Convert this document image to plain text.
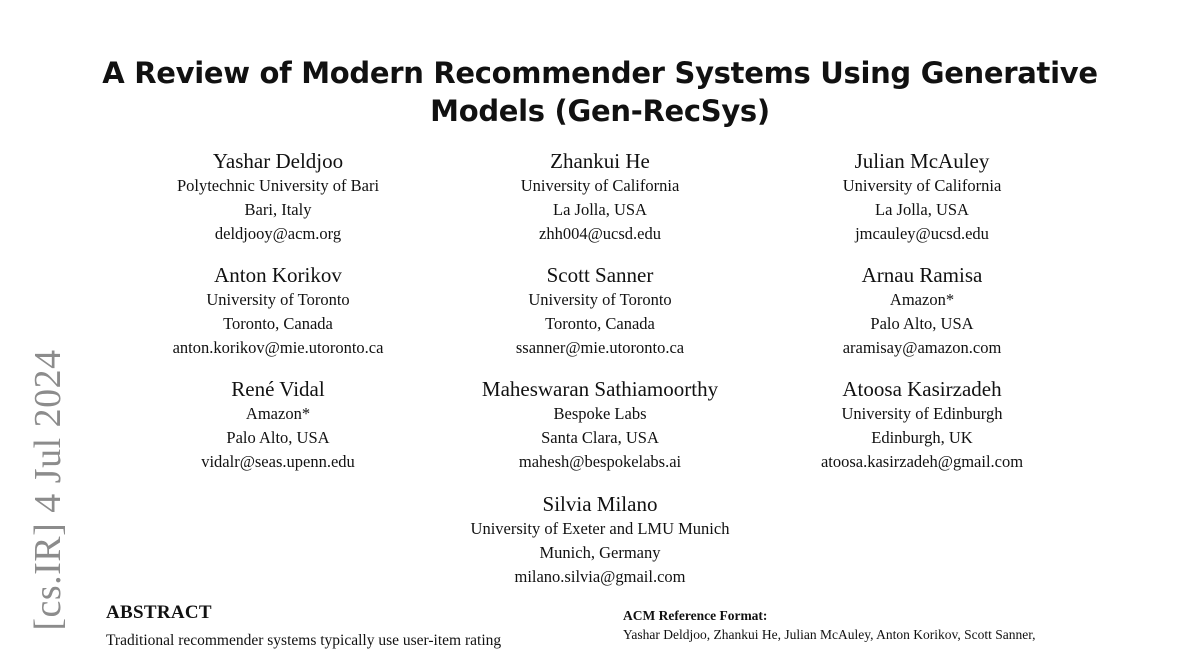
A Review of Modern Recommender Systems Using Generative
Models (Gen-RecSys)
Yashar Deldjoo
Polytechnic University of Bari
Bari, Italy
deldjooy@acm.org
Zhankui He
University of California
La Jolla, USA
zhh004@ucsd.edu
Julian McAuley
University of California
La Jolla, USA
jmcauley@ucsd.edu
Anton Korikov
University of Toronto
Toronto, Canada
anton.korikov@mie.utoronto.ca
Scott Sanner
University of Toronto
Toronto, Canada
ssanner@mie.utoronto.ca
Arnau Ramisa
Amazon*
Palo Alto, USA
aramisay@amazon.com
René Vidal
Amazon*
Palo Alto, USA
vidalr@seas.upenn.edu
Maheswaran Sathiamoorthy
Bespoke Labs
Santa Clara, USA
mahesh@bespokelabs.ai
Atoosa Kasirzadeh
University of Edinburgh
Edinburgh, UK
atoosa.kasirzadeh@gmail.com
Silvia Milano
University of Exeter and LMU Munich
Munich, Germany
milano.silvia@gmail.com
[cs.IR] 4 Jul 2024 ABSTRACT
Traditional recommender systems typically use user-item rating
ACM Reference Format:
Yashar Deldjoo, Zhankui He, Julian McAuley, Anton Korikov, Scott Sanner,
